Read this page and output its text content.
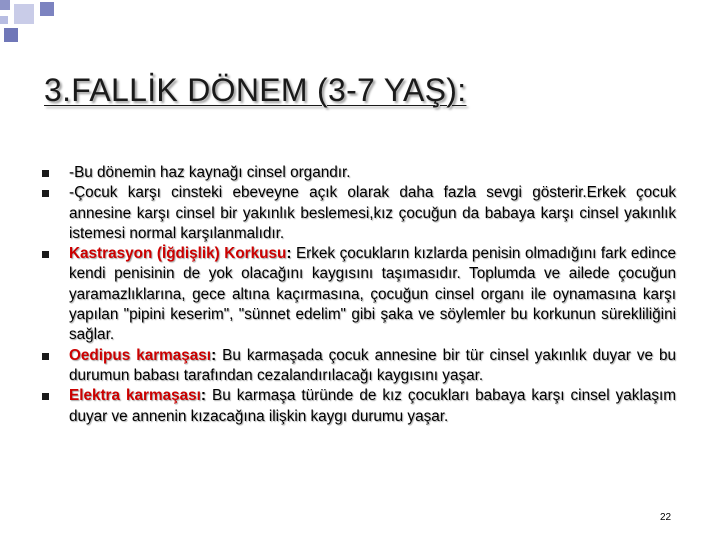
3.FALLİK DÖNEM (3-7 YAŞ):
-Bu dönemin haz kaynağı cinsel organdır.
-Çocuk karşı cinsteki ebeveyne açık olarak daha fazla sevgi gösterir.Erkek çocuk annesine karşı cinsel bir yakınlık beslemesi,kız çocuğun da babaya karşı cinsel yakınlık istemesi normal karşılanmalıdır.
Kastrasyon (İğdişlik) Korkusu: Erkek çocukların kızlarda penisin olmadığını fark edince kendi penisinin de yok olacağını kaygısını taşımasıdır. Toplumda ve ailede çocuğun yaramazlıklarına, gece altına kaçırmasına, çocuğun cinsel organı ile oynamasına karşı yapılan "pipini keserim", "sünnet edelim" gibi şaka ve söylemler bu korkunun sürekliliğini sağlar.
Oedipus karmaşası: Bu karmaşada çocuk annesine bir tür cinsel yakınlık duyar ve bu durumun babası tarafından cezalandırılacağı kaygısını yaşar.
Elektra karmaşası: Bu karmaşa türünde de kız çocukları babaya karşı cinsel yaklaşım duyar ve annenin kızacağına ilişkin kaygı durumu yaşar.
22
